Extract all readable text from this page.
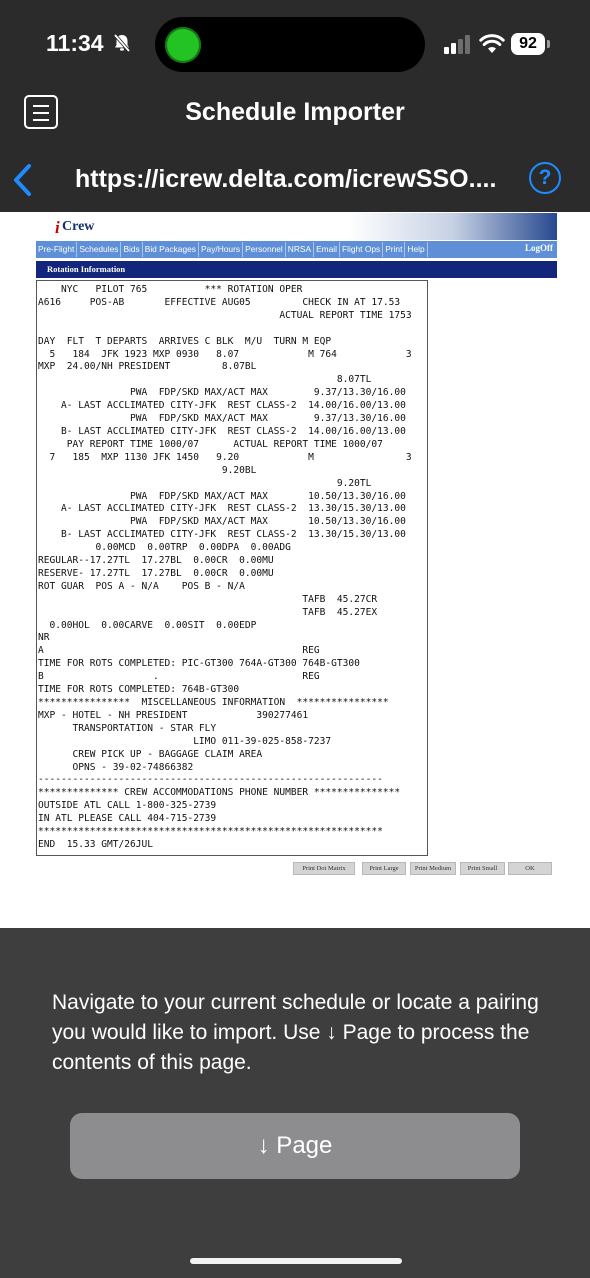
11:34	92
Schedule Importer
https://icrew.delta.com/icrewSSO....	?
i Crew
Pre-Flight Schedules Bids Bid Packages Pay/Hours Personnel NRSA Email Flight Ops Print Help	LogOff
Rotation Information
NYC   PILOT 765          *** ROTATION OPER
A616     POS-AB       EFFECTIVE AUG05         CHECK IN AT 17.53
ACTUAL REPORT TIME 1753

DAY  FLT  T DEPARTS  ARRIVES C BLK  M/U  TURN M EQP
5   184  JFK 1923 MXP 0930   8.07            M 764            3
MXP  24.00/NH PRESIDENT         8.07BL
8.07TL
PWA  FDP/SKD MAX/ACT MAX        9.37/13.30/16.00
A- LAST ACCLIMATED CITY-JFK  REST CLASS-2  14.00/16.00/13.00
PWA  FDP/SKD MAX/ACT MAX        9.37/13.30/16.00
B- LAST ACCLIMATED CITY-JFK  REST CLASS-2  14.00/16.00/13.00
PAY REPORT TIME 1000/07      ACTUAL REPORT TIME 1000/07
7   185  MXP 1130 JFK 1450   9.20            M                3
9.20BL
9.20TL
PWA  FDP/SKD MAX/ACT MAX       10.50/13.30/16.00
A- LAST ACCLIMATED CITY-JFK  REST CLASS-2  13.30/15.30/13.00
PWA  FDP/SKD MAX/ACT MAX       10.50/13.30/16.00
B- LAST ACCLIMATED CITY-JFK  REST CLASS-2  13.30/15.30/13.00
0.00MCD  0.00TRP  0.00DPA  0.00ADG
REGULAR--17.27TL  17.27BL  0.00CR  0.00MU
RESERVE- 17.27TL  17.27BL  0.00CR  0.00MU
ROT GUAR  POS A - N/A    POS B - N/A
TAFB  45.27CR
TAFB  45.27EX
0.00HOL  0.00CARVE  0.00SIT  0.00EDP
NR
A                                             REG
TIME FOR ROTS COMPLETED: PIC-GT300 764A-GT300 764B-GT300
B                   .                         REG
TIME FOR ROTS COMPLETED: 764B-GT300
****************  MISCELLANEOUS INFORMATION  ****************
MXP - HOTEL - NH PRESIDENT            390277461
TRANSPORTATION - STAR FLY
LIMO 011-39-025-858-7237
CREW PICK UP - BAGGAGE CLAIM AREA
OPNS - 39-02-74866382
------------------------------------------------------------
************** CREW ACCOMMODATIONS PHONE NUMBER ***************
OUTSIDE ATL CALL 1-800-325-2739
IN ATL PLEASE CALL 404-715-2739
************************************************************
END  15.33 GMT/26JUL
Print Dot Matrix	Print Large	Print Medium	Print Small	OK
Navigate to your current schedule or locate a pairing you would like to import. Use ↓ Page to process the contents of this page.
↓ Page
